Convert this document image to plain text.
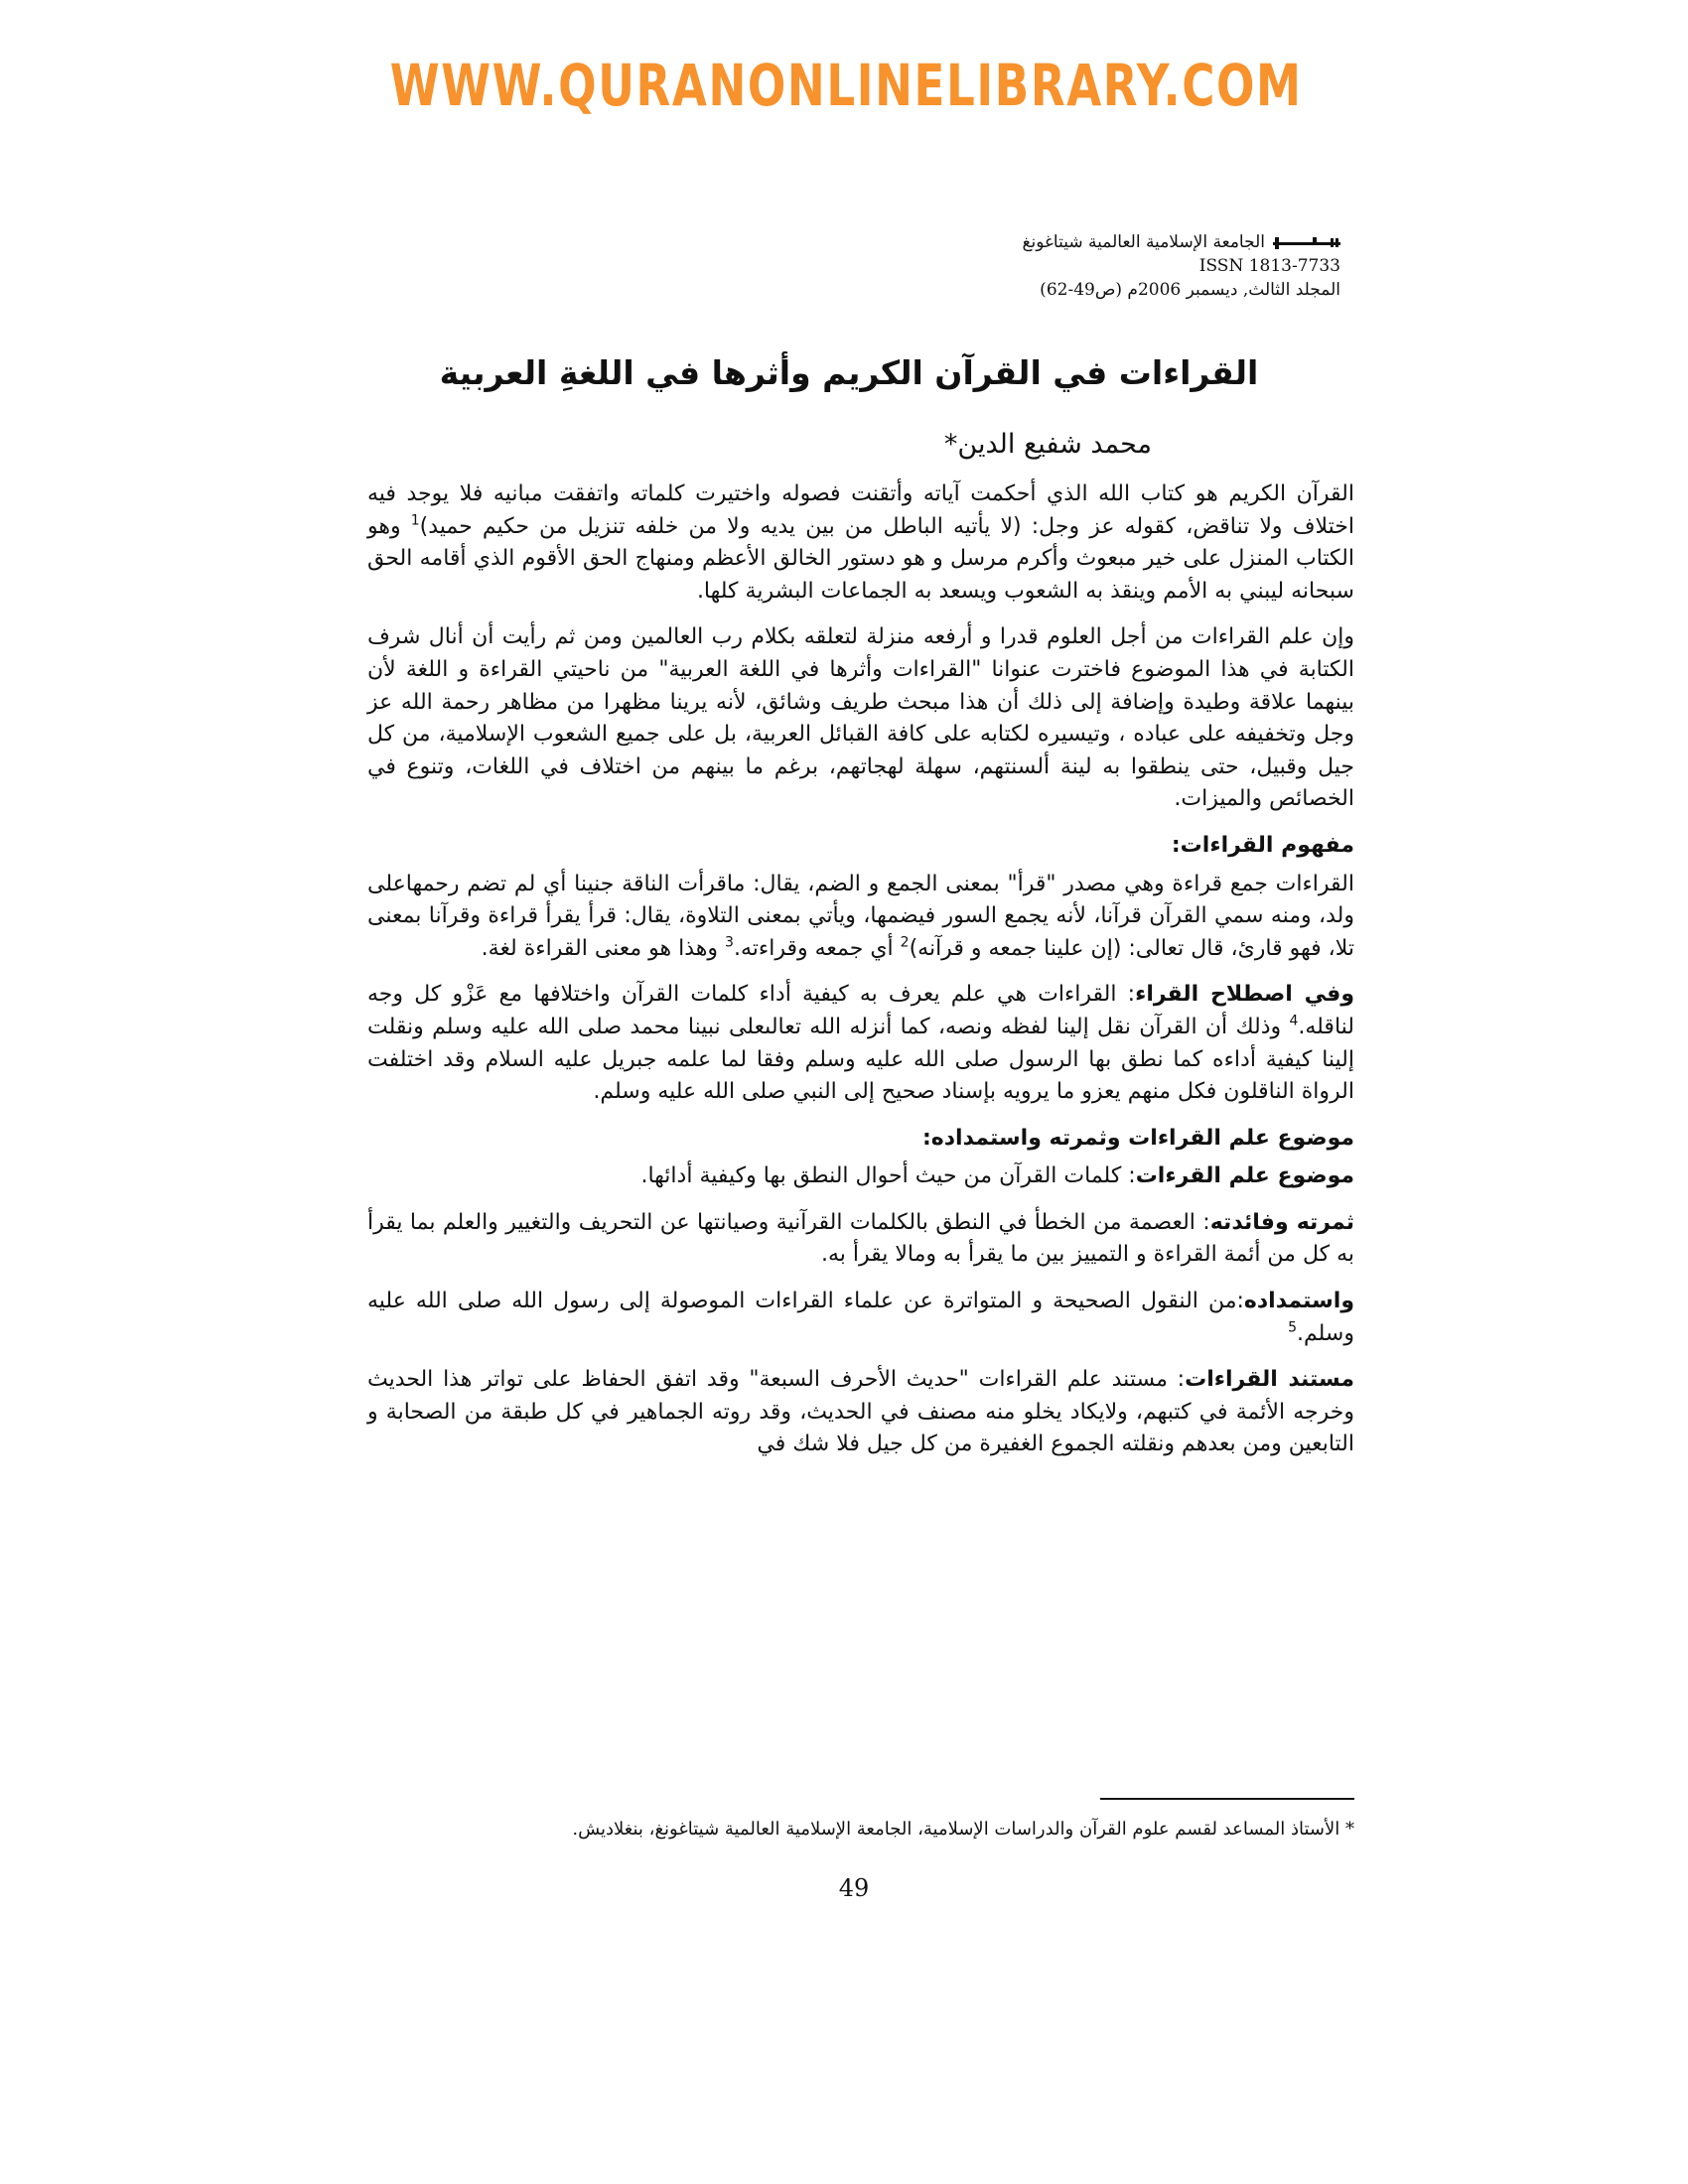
WWW.QURANONLINELIBRARY.COM
الجامعة الإسلامية العالمية شيتاغونغ
ISSN 1813-7733
المجلد الثالث, ديسمبر 2006م (ص49-62)
القراءات في القرآن الكريم وأثرها في اللغةِ العربية
محمد شفيع الدين*

القرآن الكريم هو كتاب الله الذي أحكمت آياته وأتقنت فصوله واختيرت كلماته واتفقت مبانيه فلا يوجد فيه اختلاف ولا تناقض، كقوله عز وجل: (لا يأتيه الباطل من بين يديه ولا من خلفه تنزيل من حكيم حميد)$^1$ وهو الكتاب المنزل على خير مبعوث وأكرم مرسل و هو دستور الخالق الأعظم ومنهاج الحق الأقوم الذي أقامه الحق سبحانه ليبني به الأمم وينقذ به الشعوب ويسعد به الجماعات البشرية كلها.

وإن علم القراءات من أجل العلوم قدرا و أرفعه منزلة لتعلقه بكلام رب العالمين ومن ثم رأيت أن أنال شرف الكتابة في هذا الموضوع فاخترت عنوانا "القراءات وأثرها في اللغة العربية" من ناحيتي القراءة و اللغة لأن بينهما علاقة وطيدة وإضافة إلى ذلك أن هذا مبحث طريف وشائق، لأنه يرينا مظهرا من مظاهر رحمة الله عز وجل وتخفيفه على عباده ، وتيسيره لكتابه على كافة القبائل العربية، بل على جميع الشعوب الإسلامية، من كل جيل وقبيل، حتى ينطقوا به لينة ألسنتهم، سهلة لهجاتهم، برغم ما بينهم من اختلاف في اللغات، وتنوع في الخصائص والميزات.

مفهوم القراءات:

القراءات جمع قراءة وهي مصدر "قرأ" بمعنى الجمع و الضم، يقال: ماقرأت الناقة جنينا أي لم تضم رحمهاعلى ولد، ومنه سمي القرآن قرآنا، لأنه يجمع السور فيضمها، ويأتي بمعنى التلاوة، يقال: قرأ يقرأ قراءة وقرآنا بمعنى تلا، فهو قارئ، قال تعالى: (إن علينا جمعه و قرآنه)$^2$ أي جمعه وقراءته.$^3$ وهذا هو معنى القراءة لغة.

وفي اصطلاح القراء: القراءات هي علم يعرف به كيفية أداء كلمات القرآن واختلافها مع عَزْو كل وجه لناقله.$^4$ وذلك أن القرآن نقل إلينا لفظه ونصه، كما أنزله الله تعالىعلى نبينا محمد صلى الله عليه وسلم ونقلت إلينا كيفية أداءه كما نطق بها الرسول صلى الله عليه وسلم وفقا لما علمه جبريل عليه السلام وقد اختلفت الرواة الناقلون فكل منهم يعزو ما يرويه بإسناد صحيح إلى النبي صلى الله عليه وسلم.

موضوع علم القراءات وثمرته واستمداده:

موضوع علم القرءات: كلمات القرآن من حيث أحوال النطق بها وكيفية أدائها.

ثمرته وفائدته: العصمة من الخطأ في النطق بالكلمات القرآنية وصيانتها عن التحريف والتغيير والعلم بما يقرأ به كل من أئمة القراءة و التمييز بين ما يقرأ به ومالا يقرأ به.

واستمداده:من النقول الصحيحة و المتواترة عن علماء القراءات الموصولة إلى رسول الله صلى الله عليه وسلم.$^5$

مستند القراءات: مستند علم القراءات "حديث الأحرف السبعة" وقد اتفق الحفاظ على تواتر هذا الحديث وخرجه الأئمة في كتبهم، ولايكاد يخلو منه مصنف في الحديث، وقد روته الجماهير في كل طبقة من الصحابة و التابعين ومن بعدهم ونقلته الجموع الغفيرة من كل جيل فلا شك في

* الأستاذ المساعد لقسم علوم القرآن والدراسات الإسلامية، الجامعة الإسلامية العالمية شيتاغونغ، بنغلاديش.
49
